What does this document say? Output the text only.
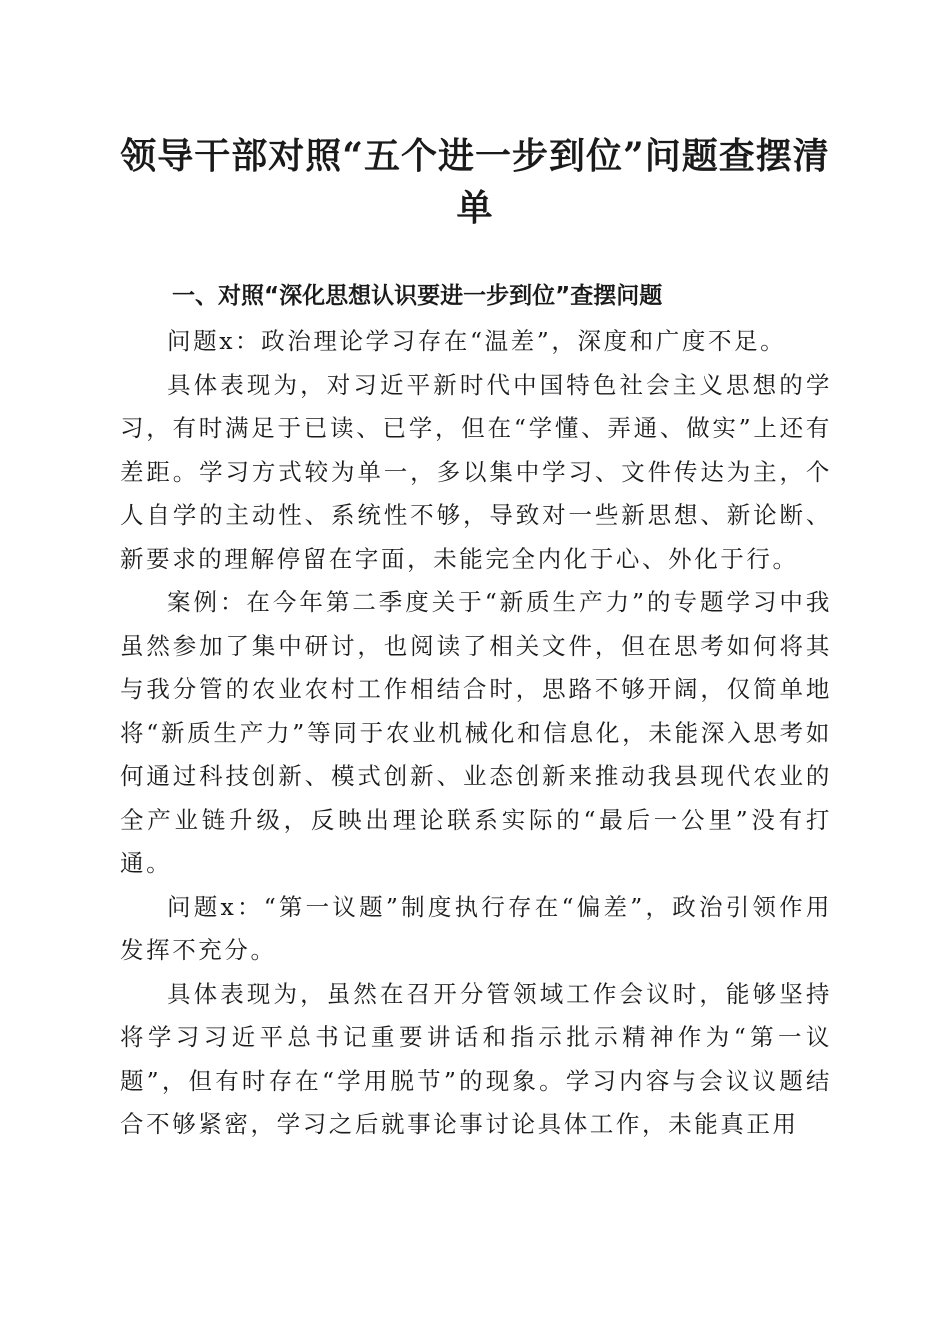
领导干部对照“五个进一步到位”问题查摆清单
一、对照“深化思想认识要进一步到位”查摆问题

问题x：政治理论学习存在“温差”，深度和广度不足。

具体表现为，对习近平新时代中国特色社会主义思想的学习，有时满足于已读、已学，但在“学懂、弄通、做实”上还有差距。学习方式较为单一，多以集中学习、文件传达为主，个人自学的主动性、系统性不够，导致对一些新思想、新论断、新要求的理解停留在字面，未能完全内化于心、外化于行。

案例：在今年第二季度关于“新质生产力”的专题学习中我虽然参加了集中研讨，也阅读了相关文件，但在思考如何将其与我分管的农业农村工作相结合时，思路不够开阔，仅简单地将“新质生产力”等同于农业机械化和信息化，未能深入思考如何通过科技创新、模式创新、业态创新来推动我县现代农业的全产业链升级，反映出理论联系实际的“最后一公里”没有打通。

问题x：“第一议题”制度执行存在“偏差”，政治引领作用发挥不充分。

具体表现为，虽然在召开分管领域工作会议时，能够坚持将学习习近平总书记重要讲话和指示批示精神作为“第一议题”，但有时存在“学用脱节”的现象。学习内容与会议议题结合不够紧密，学习之后就事论事讨论具体工作，未能真正用
